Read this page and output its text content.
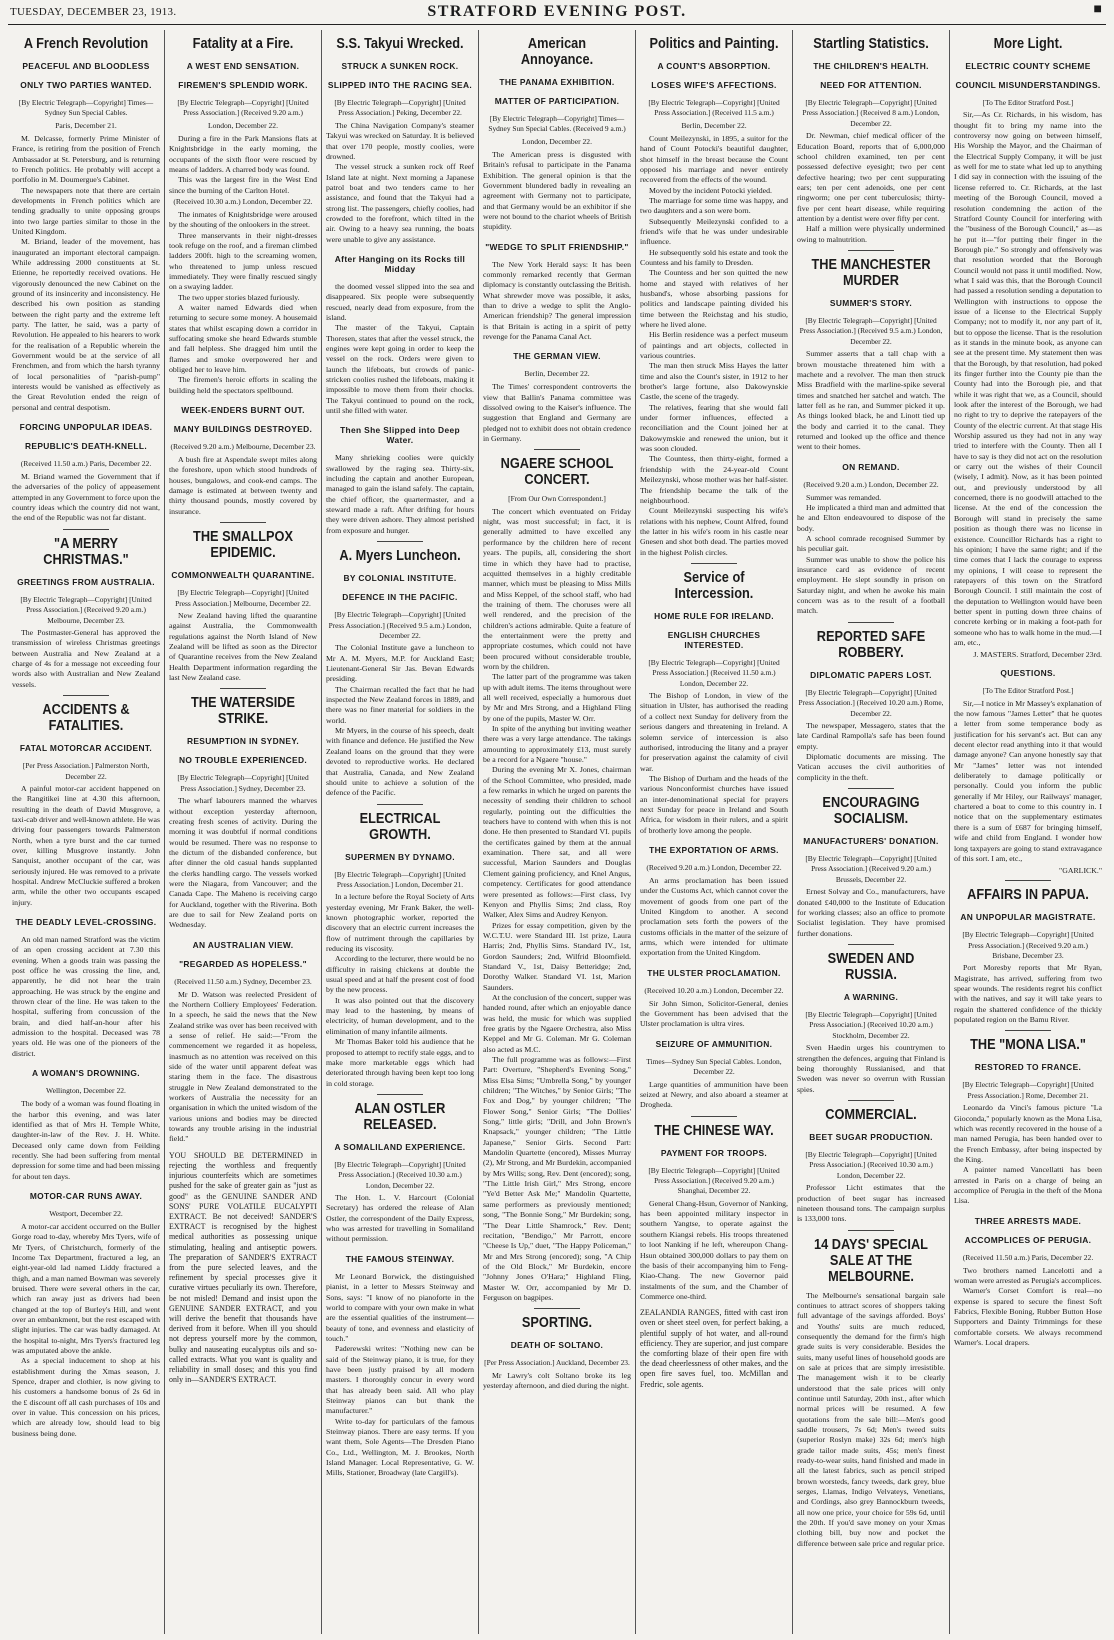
TUESDAY, DECEMBER 23, 1913.	STRATFORD EVENING POST.	■
A French Revolution
PEACEFUL AND BLOODLESS
ONLY TWO PARTIES WANTED.
[By Electric Telegraph—Copyright] Times—Sydney Sun Special Cables.
Paris, December 21.
M. Delcasse, formerly Prime Minister of France, is retiring from the position of French Ambassador at St. Petersburg, and is returning to French politics. He probably will accept a portfolio in M. Doumergue's Cabinet.
The newspapers note that there are certain developments in French politics which are tending gradually to unite opposing groups into two large parties similar to those in the United Kingdom.
M. Briand, leader of the movement, has inaugurated an important electoral campaign. While addressing 2000 constituents at St. Etienne, he reportedly received ovations. He vigorously denounced the new Cabinet on the ground of its insincerity and inconsistency. He described his own position as standing between the right party and the extreme left party. The latter, he said, was a party of Revolution. He appealed to his hearers to work for the realisation of a Republic wherein the Government would be at the service of all Frenchmen, and from which the harsh tyranny of local personalities of "parish-pump" interests would be vanished as effectively as the Great Revolution ended the reign of personal and central despotism.
FORCING UNPOPULAR IDEAS.
REPUBLIC'S DEATH-KNELL.
(Received 11.50 a.m.) Paris, December 22.
M. Briand warned the Government that if the adversaries of the policy of appeasement attempted in any Government to force upon the country ideas which the country did not want, the end of the Republic was not far distant.
"A MERRY CHRISTMAS."
GREETINGS FROM AUSTRALIA.
[By Electric Telegraph—Copyright] [United Press Association.] (Received 9.20 a.m.) Melbourne, December 23.
The Postmaster-General has approved the transmission of wireless Christmas greetings between Australia and New Zealand at a charge of 4s for a message not exceeding four words also with Australian and New Zealand vessels.
ACCIDENTS & FATALITIES.
FATAL MOTORCAR ACCIDENT.
[Per Press Association.] Palmerston North, December 22.
A painful motor-car accident happened on the Rangitikei line at 4.30 this afternoon, resulting in the death of David Musgrove, a taxi-cab driver and well-known athlete. He was driving four passengers towards Palmerston North, when a tyre burst and the car turned over, killing Musgrove instantly. John Sanquist, another occupant of the car, was seriously injured. He was removed to a private hospital. Andrew McCluckie suffered a broken arm, while the other two occupants escaped injury.
THE DEADLY LEVEL-CROSSING.
An old man named Stratford was the victim of an open crossing accident at 7.30 this evening. When a goods train was passing the post office he was crossing the line, and, apparently, he did not hear the train approaching. He was struck by the engine and thrown clear of the line. He was taken to the hospital, suffering from concussion of the brain, and died half-an-hour after his admission to the hospital. Deceased was 78 years old. He was one of the pioneers of the district.
A WOMAN'S DROWNING.
Wellington, December 22.
The body of a woman was found floating in the harbor this evening, and was later identified as that of Mrs H. Temple White, daughter-in-law of the Rev. J. H. White. Deceased only came down from Feilding recently. She had been suffering from mental depression for some time and had been missing for about ten days.
MOTOR-CAR RUNS AWAY.
Westport, December 22.
A motor-car accident occurred on the Buller Gorge road to-day, whereby Mrs Tyers, wife of Mr Tyers, of Christchurch, formerly of the Income Tax Department, fractured a leg, an eight-year-old lad named Liddy fractured a thigh, and a man named Bowman was severely bruised. There were several others in the car, which ran away just as drivers had been changed at the top of Burley's Hill, and went over an embankment, but the rest escaped with slight injuries. The car was badly damaged. At the hospital to-night, Mrs Tyers's fractured leg was amputated above the ankle.
As a special inducement to shop at his establishment during the Xmas season, J. Spence, draper and clothier, is now giving to his customers a handsome bonus of 2s 6d in the £ discount off all cash purchases of 10s and over in value. This concession on his prices, which are already low, should lead to big business being done.
Fatality at a Fire.
A WEST END SENSATION.
FIREMEN'S SPLENDID WORK.
[By Electric Telegraph—Copyright] [United Press Association.] (Received 9.20 a.m.)
London, December 22.
During a fire in the Park Mansions flats at Knightsbridge in the early morning, the occupants of the sixth floor were rescued by means of ladders. A charred body was found.
This was the largest fire in the West End since the burning of the Carlton Hotel.
(Received 10.30 a.m.) London, December 22.
The inmates of Knightsbridge were aroused by the shouting of the onlookers in the street.
Three manservants in their night-dresses took refuge on the roof, and a fireman climbed ladders 200ft. high to the screaming women, who threatened to jump unless rescued immediately. They were finally rescued singly on a swaying ladder.
The two upper stories blazed furiously.
A waiter named Edwards died when returning to secure some money. A housemaid states that whilst escaping down a corridor in suffocating smoke she heard Edwards stumble and fall helpless. She dragged him until the flames and smoke overpowered her and obliged her to leave him.
The firemen's heroic efforts in scaling the building held the spectators spellbound.
WEEK-ENDERS BURNT OUT.
MANY BUILDINGS DESTROYED.
(Received 9.20 a.m.) Melbourne, December 23.
A bush fire at Aspendale swept miles along the foreshore, upon which stood hundreds of houses, bungalows, and cook-end camps. The damage is estimated at between twenty and thirty thousand pounds, mostly covered by insurance.
THE SMALLPOX EPIDEMIC.
COMMONWEALTH QUARANTINE.
[By Electric Telegraph—Copyright] [United Press Association.] Melbourne, December 22.
New Zealand having lifted the quarantine against Australia, the Commonwealth regulations against the North Island of New Zealand will be lifted as soon as the Director of Quarantine receives from the New Zealand Health Department information regarding the last New Zealand case.
THE WATERSIDE STRIKE.
RESUMPTION IN SYDNEY.
NO TROUBLE EXPERIENCED.
[By Electric Telegraph—Copyright] [United Press Association.] Sydney, December 23.
The wharf labourers manned the wharves without exception yesterday afternoon, creating fresh scenes of activity. During the morning it was doubtful if normal conditions would be resumed. There was no response to the dictum of the disbanded conference, but after dinner the old casual hands supplanted the clerks handling cargo. The vessels worked were the Niagara, from Vancouver; and the Canada Cape. The Maheno is receiving cargo for Auckland, together with the Riverina. Both are due to sail for New Zealand ports on Wednesday.
AN AUSTRALIAN VIEW.
"REGARDED AS HOPELESS."
(Received 11.50 a.m.) Sydney, December 23.
Mr D. Watson was reelected President of the Northern Colliery Employees' Federation. In a speech, he said the news that the New Zealand strike was over has been received with a sense of relief. He said:—"From the commencement we regarded it as hopeless, inasmuch as no attention was received on this side of the water until apparent defeat was staring them in the face. The disastrous struggle in New Zealand demonstrated to the workers of Australia the necessity for an organisation in which the united wisdom of the various unions and bodies may be directed towards any trouble arising in the industrial field."
YOU SHOULD BE DETERMINED in rejecting the worthless and frequently injurious counterfeits which are sometimes pushed for the sake of greater gain as "just as good" as the GENUINE SANDER AND SONS' PURE VOLATILE EUCALYPTI EXTRACT. Be not deceived! SANDER'S EXTRACT is recognised by the highest medical authorities as possessing unique stimulating, healing and antiseptic powers. The preparation of SANDER'S EXTRACT from the pure selected leaves, and the refinement by special processes give it curative virtues peculiarly its own. Therefore, be not misled! Demand and insist upon the GENUINE SANDER EXTRACT, and you will derive the benefit that thousands have derived from it before. When ill you should not depress yourself more by the common, bulky and nauseating eucalyptus oils and so-called extracts. What you want is quality and reliability in small doses; and this you find only in—SANDER'S EXTRACT.
S.S. Takyui Wrecked.
STRUCK A SUNKEN ROCK.
SLIPPED INTO THE RACING SEA.
[By Electric Telegraph—Copyright] [United Press Association.] Peking, December 22.
The China Navigation Company's steamer Takyui was wrecked on Saturday. It is believed that over 170 people, mostly coolies, were drowned.
The vessel struck a sunken rock off Reef Island late at night. Next morning a Japanese patrol boat and two tenders came to her assistance, and found that the Takyui had a strong list. The passengers, chiefly coolies, had crowded to the forefront, which tilted in the air. Owing to a heavy sea running, the boats were unable to give any assistance.
After Hanging on its Rocks till Midday
the doomed vessel slipped into the sea and disappeared. Six people were subsequently rescued, nearly dead from exposure, from the island.
The master of the Takyui, Captain Thoresen, states that after the vessel struck, the engines were kept going in order to keep the vessel on the rock. Orders were given to launch the lifeboats, but crowds of panic-stricken coolies rushed the lifeboats, making it impossible to move them from their chocks. The Takyui continued to pound on the rock, until she filled with water.
Then She Slipped into Deep Water.
Many shrieking coolies were quickly swallowed by the raging sea. Thirty-six, including the captain and another European, managed to gain the island safely. The captain, the chief officer, the quartermaster, and a steward made a raft. After drifting for hours they were driven ashore. They almost perished from exposure and hunger.
A. Myers Luncheon.
BY COLONIAL INSTITUTE.
DEFENCE IN THE PACIFIC.
[By Electric Telegraph—Copyright] [United Press Association.] (Received 9.5 a.m.) London, December 22.
The Colonial Institute gave a luncheon to Mr A. M. Myers, M.P. for Auckland East; Lieutenant-General Sir Jas. Bevan Edwards presiding.
The Chairman recalled the fact that he had inspected the New Zealand forces in 1889, and there was no finer material for soldiers in the world.
Mr Myers, in the course of his speech, dealt with finance and defence. He justified the New Zealand loans on the ground that they were devoted to reproductive works. He declared that Australia, Canada, and New Zealand should unite to achieve a solution of the defence of the Pacific.
ELECTRICAL GROWTH.
SUPERMEN BY DYNAMO.
[By Electric Telegraph—Copyright] [United Press Association.] London, December 21.
In a lecture before the Royal Society of Arts yesterday evening, Mr Frank Baker, the well-known photographic worker, reported the discovery that an electric current increases the flow of nutriment through the capillaries by reducing its viscosity.
According to the lecturer, there would be no difficulty in raising chickens at double the usual speed and at half the present cost of food by the new process.
It was also pointed out that the discovery may lead to the hastening, by means of electricity, of human development, and to the elimination of many infantile ailments.
Mr Thomas Baker told his audience that he proposed to attempt to rectify stale eggs, and to make more marketable eggs which had deteriorated through having been kept too long in cold storage.
ALAN OSTLER RELEASED.
A SOMALILAND EXPERIENCE.
[By Electric Telegraph—Copyright] [United Press Association.] (Received 10.30 a.m.) London, December 22.
The Hon. L. V. Harcourt (Colonial Secretary) has ordered the release of Alan Ostler, the correspondent of the Daily Express, who was arrested for travelling in Somaliland without permission.
THE FAMOUS STEINWAY.
Mr Leonard Borwick, the distinguished pianist, in a letter to Messrs Steinway and Sons, says: "I know of no pianoforte in the world to compare with your own make in what are the essential qualities of the instrument—beauty of tone, and evenness and elasticity of touch."
Paderewski writes: "Nothing new can be said of the Steinway piano, it is true, for they have been justly praised by all modern masters. I thoroughly concur in every word that has already been said. All who play Steinway pianos can but thank the manufacturer."
Write to-day for particulars of the famous Steinway pianos. There are easy terms. If you want them, Sole Agents—The Dresden Piano Co., Ltd., Wellington, M. J. Brookes, North Island Manager. Local Representative, G. W. Mills, Stationer, Broadway (late Cargill's).
American Annoyance.
THE PANAMA EXHIBITION.
MATTER OF PARTICIPATION.
[By Electric Telegraph—Copyright] Times—Sydney Sun Special Cables. (Received 9 a.m.)
London, December 22.
The American press is disgusted with Britain's refusal to participate in the Panama Exhibition. The general opinion is that the Government blundered badly in revealing an agreement with Germany not to participate, and that Germany would be an exhibitor if she were not bound to the chariot wheels of British stupidity.
"WEDGE TO SPLIT FRIENDSHIP."
The New York Herald says: It has been commonly remarked recently that German diplomacy is constantly outclassing the British. What shrewder move was possible, it asks, than to drive a wedge to split the Anglo-American friendship? The general impression is that Britain is acting in a spirit of petty revenge for the Panama Canal Act.
THE GERMAN VIEW.
Berlin, December 22.
The Times' correspondent controverts the view that Ballin's Panama committee was dissolved owing to the Kaiser's influence. The suggestion that England and Germany are pledged not to exhibit does not obtain credence in Germany.
NGAERE SCHOOL CONCERT.
[From Our Own Correspondent.]
The concert which eventuated on Friday night, was most successful; in fact, it is generally admitted to have excelled any performance by the children here of recent years. The pupils, all, considering the short time in which they have had to practise, acquitted themselves in a highly creditable manner, which must be pleasing to Miss Mills and Miss Keppel, of the school staff, who had the training of them. The choruses were all well rendered, and the precision of the children's actions admirable. Quite a feature of the entertainment were the pretty and appropriate costumes, which could not have been procured without considerable trouble, worn by the children.
The latter part of the programme was taken up with adult items. The items throughout were all well received, especially a humorous duet by Mr and Mrs Strong, and a Highland Fling by one of the pupils, Master W. Orr.
In spite of the anything but inviting weather there was a very large attendance. The takings amounting to approximately £13, must surely be a record for a Ngaere "house."
During the evening Mr X. Jones, chairman of the School Committee, who presided, made a few remarks in which he urged on parents the necessity of sending their children to school regularly, pointing out the difficulties the teachers have to contend with when this is not done. He then presented to Standard VI. pupils the certificates gained by them at the annual examination. There sat, and all were successful, Marion Saunders and Douglas Clement gaining proficiency, and Knel Angus, competency. Certificates for good attendance were presented as follows:—First class, Ivy Kenyon and Phyllis Sims; 2nd class, Roy Walker, Alex Sims and Audrey Kenyon.
Prizes for essay competition, given by the W.C.T.U. were Standard III. 1st prize, Laura Harris; 2nd, Phyllis Sims. Standard IV., 1st, Gordon Saunders; 2nd, Wilfrid Bloomfield. Standard V., 1st, Daisy Betteridge; 2nd, Dorothy Walker. Standard VI. 1st, Marion Saunders.
At the conclusion of the concert, supper was handed round, after which an enjoyable dance was held, the music for which was supplied free gratis by the Ngaere Orchestra, also Miss Keppel and Mr G. Coleman. Mr G. Coleman also acted as M.C.
The full programme was as follows:—First Part: Overture, "Shepherd's Evening Song," Miss Elsa Sims; "Umbrella Song," by younger children; "The Witches," by Senior Girls; "The Fox and Dog," by younger children; "The Flower Song," Senior Girls; "The Dollies' Song," little girls; "Drill, and John Brown's Knapsack," younger children; "The Little Japanese," Senior Girls. Second Part: Mandolin Quartette (encored), Misses Murray (2), Mr Strong, and Mr Burdekin, accompanied by Mrs Wills; song, Rev. Dent (encored); song, "The Little Irish Girl," Mrs Strong, encore "Ye'd Better Ask Me;" Mandolin Quartette, same performers as previously mentioned; song, "The Bonnie Song," Mr Burdekin; song, "The Dear Little Shamrock," Rev. Dent; recitation, "Bendigo," Mr Parrott, encore "Cheese Is Up," duet, "The Happy Policeman," Mr and Mrs Strong (encored); song, "A Chip of the Old Block," Mr Burdekin, encore "Johnny Jones O'Hara;" Highland Fling, Master W. Orr, accompanied by Mr D. Ferguson on bagpipes.
SPORTING.
DEATH OF SOLTANO.
[Per Press Association.] Auckland, December 23.
Mr Lawry's colt Soltano broke its leg yesterday afternoon, and died during the night.
Politics and Painting.
A COUNT'S ABSORPTION.
LOSES WIFE'S AFFECTIONS.
[By Electric Telegraph—Copyright] [United Press Association.] (Received 11.5 a.m.)
Berlin, December 22.
Count Meilezynski, in 1895, a suitor for the hand of Count Potocki's beautiful daughter, shot himself in the breast because the Count opposed his marriage and never entirely recovered from the effects of the wound.
Moved by the incident Potocki yielded.
The marriage for some time was happy, and two daughters and a son were born.
Subsequently Meilezynski confided to a friend's wife that he was under undesirable influence.
He subsequently sold his estate and took the Countess and his family to Dresden.
The Countess and her son quitted the new home and stayed with relatives of her husband's, whose absorbing passions for politics and landscape painting divided his time between the Reichstag and his studio, where he lived alone.
His Berlin residence was a perfect museum of paintings and art objects, collected in various countries.
The man then struck Miss Hayes the latter time and also the Count's sister, in 1912 to her brother's large fortune, also Dakowynskie Castle, the scene of the tragedy.
The relatives, fearing that she would fall under former influences, effected a reconciliation and the Count joined her at Dakowymskie and renewed the union, but it was soon clouded.
The Countess, then thirty-eight, formed a friendship with the 24-year-old Count Meilezynski, whose mother was her half-sister. The friendship became the talk of the neighbourhood.
Count Meilezynski suspecting his wife's relations with his nephew, Count Alfred, found the latter in his wife's room in his castle near Gnesen and shot both dead. The parties moved in the highest Polish circles.
Service of Intercession.
HOME RULE FOR IRELAND.
ENGLISH CHURCHES INTERESTED.
[By Electric Telegraph—Copyright] [United Press Association.] (Received 11.50 a.m.) London, December 22.
The Bishop of London, in view of the situation in Ulster, has authorised the reading of a collect next Sunday for delivery from the serious dangers and threatening in Ireland. A solemn service of intercession is also authorised, introducing the litany and a prayer for preservation against the calamity of civil war.
The Bishop of Durham and the heads of the various Nonconformist churches have issued an inter-denominational special for prayers next Sunday for peace in Ireland and South Africa, for wisdom in their rulers, and a spirit of brotherly love among the people.
THE EXPORTATION OF ARMS.
(Received 9.20 a.m.) London, December 22.
An arms proclamation has been issued under the Customs Act, which cannot cover the movement of goods from one part of the United Kingdom to another. A second proclamation sets forth the powers of the customs officials in the matter of the seizure of arms, which were intended for ultimate exportation from the United Kingdom.
THE ULSTER PROCLAMATION.
(Received 10.20 a.m.) London, December 22.
Sir John Simon, Solicitor-General, denies the Government has been advised that the Ulster proclamation is ultra vires.
SEIZURE OF AMMUNITION.
Times—Sydney Sun Special Cables. London, December 22.
Large quantities of ammunition have been seized at Newry, and also aboard a steamer at Drogheda.
THE CHINESE WAY.
PAYMENT FOR TROOPS.
[By Electric Telegraph—Copyright] [United Press Association.] (Received 9.20 a.m.) Shanghai, December 22.
General Chang-Hsun, Governor of Nanking, has been appointed military inspector in southern Yangtse, to operate against the southern Kiangsi rebels. His troops threatened to loot Nanking if he left, whereupon Chang-Hsun obtained 300,000 dollars to pay them on the basis of their accompanying him to Feng-Kiao-Chang. The new Governor paid instalments of the sum, and the Chamber of Commerce one-third.
ZEALANDIA RANGES, fitted with cast iron oven or sheet steel oven, for perfect baking, a plentiful supply of hot water, and all-round efficiency. They are superior, and just compare the comforting blaze of their open fire with the dead cheerlessness of other makes, and the open fire saves fuel, too. McMillan and Fredric, sole agents.
Startling Statistics.
THE CHILDREN'S HEALTH.
NEED FOR ATTENTION.
[By Electric Telegraph—Copyright] [United Press Association.] (Received 8 a.m.) London, December 22.
Dr. Newman, chief medical officer of the Education Board, reports that of 6,000,000 school children examined, ten per cent possessed defective eyesight; two per cent defective hearing; two per cent suppurating ears; ten per cent adenoids, one per cent ringworm; one per cent tuberculosis; thirty-five per cent heart disease, while requiring attention by a dentist were over fifty per cent.
Half a million were physically undermined owing to malnutrition.
THE MANCHESTER MURDER
SUMMER'S STORY.
[By Electric Telegraph—Copyright] [United Press Association.] (Received 9.5 a.m.) London, December 22.
Summer asserts that a tall chap with a brown moustache threatened him with a machete and a revolver. The man then struck Miss Bradfield with the marline-spike several times and snatched her satchel and watch. The latter fell as he ran, and Summer picked it up. As things looked black, he and Linott tied up the body and carried it to the canal. They returned and looked up the office and thence went to their homes.
ON REMAND.
(Received 9.20 a.m.) London, December 22.
Summer was remanded.
He implicated a third man and admitted that he and Elton endeavoured to dispose of the body.
A school comrade recognised Summer by his peculiar gait.
Summer was unable to show the police his insurance card as evidence of recent employment. He slept soundly in prison on Saturday night, and when he awoke his main concern was as to the result of a football match.
REPORTED SAFE ROBBERY.
DIPLOMATIC PAPERS LOST.
[By Electric Telegraph—Copyright] [United Press Association.] (Received 10.20 a.m.) Rome, December 22.
The newspaper, Messagero, states that the late Cardinal Rampolla's safe has been found empty.
Diplomatic documents are missing. The Vatican accuses the civil authorities of complicity in the theft.
ENCOURAGING SOCIALISM.
MANUFACTURERS' DONATION.
[By Electric Telegraph—Copyright] [United Press Association.] (Received 9.20 a.m.) Brussels, December 22.
Ernest Solvay and Co., manufacturers, have donated £40,000 to the Institute of Education for working classes; also an office to promote Socialist legislation. They have promised further donations.
SWEDEN AND RUSSIA.
A WARNING.
[By Electric Telegraph—Copyright] [United Press Association.] (Received 10.20 a.m.) Stockholm, December 22.
Sven Haedin urges his countrymen to strengthen the defences, arguing that Finland is being thoroughly Russianised, and that Sweden was never so overrun with Russian spies.
COMMERCIAL.
BEET SUGAR PRODUCTION.
[By Electric Telegraph—Copyright] [United Press Association.] (Received 10.30 a.m.) London, December 22.
Professor Licht estimates that the production of beet sugar has increased nineteen thousand tons. The campaign surplus is 133,000 tons.
14 DAYS' SPECIAL SALE AT THE MELBOURNE.
The Melbourne's sensational bargain sale continues to attract scores of shoppers taking full advantage of the savings afforded. Boys' and Youths' suits are much reduced, consequently the demand for the firm's high grade suits is very considerable. Besides the suits, many useful lines of household goods are on sale at prices that are simply irresistible. The management wish it to be clearly understood that the sale prices will only continue until Saturday, 20th inst., after which normal prices will be resumed. A few quotations from the sale bill:—Men's good saddle trousers, 7s 6d; Men's tweed suits (superior Roslyn make) 32s 6d; men's high grade tailor made suits, 45s; men's finest ready-to-wear suits, hand finished and made in all the latest fabrics, such as pencil striped brown worsteds, fancy tweeds, dark grey, blue serges, Llamas, Indigo Velvateys, Venetians, and Cordings, also grey Bannockburn tweeds, all now one price, your choice for 59s 6d, until the 20th. If you'd save money on your Xmas clothing bill, buy now and pocket the difference between sale price and regular price.
More Light.
ELECTRIC COUNTY SCHEME
COUNCIL MISUNDERSTANDINGS.
[To The Editor Stratford Post.]
Sir,—As Cr. Richards, in his wisdom, has thought fit to bring my name into the controversy now going on between himself, His Worship the Mayor, and the Chairman of the Electrical Supply Company, it will be just as well for me to state what led up to anything I did say in connection with the issuing of the license referred to. Cr. Richards, at the last meeting of the Borough Council, moved a resolution condemning the action of the Stratford County Council for interfering with the "business of the Borough Council," as—as he put it—"for putting their finger in the Borough pie." So strongly and offensively was that resolution worded that the Borough Council would not pass it until modified. Now, what I said was this, that the Borough Council had passed a resolution sending a deputation to Wellington with instructions to oppose the issue of a license to the Electrical Supply Company; not to modify it, nor any part of it, but to oppose the license. That is the resolution as it stands in the minute book, as anyone can see at the present time. My statement then was that the Borough, by that resolution, had poked its finger further into the County pie than the County had into the Borough pie, and that while it was right that we, as a Council, should look after the interest of the Borough, we had no right to try to deprive the ratepayers of the County of the electric current. At that stage His Worship assured us they had not in any way tried to interfere with the County. Then all I have to say is they did not act on the resolution or carry out the wishes of their Council (wisely, I admit). Now, as it has been pointed out, and previously understood by all concerned, there is no goodwill attached to the license. At the end of the concession the Borough will stand in precisely the same position as though there was no license in existence. Councillor Richards has a right to his opinion; I have the same right; and if the time comes that I lack the courage to express my opinions, I will cease to represent the ratepayers of this town on the Stratford Borough Council. I still maintain the cost of the deputation to Wellington would have been better spent in putting down three chains of concrete kerbing or in making a foot-path for someone who has to walk home in the mud.—I am, etc.,
J. MASTERS. Stratford, December 23rd.
QUESTIONS.
[To The Editor Stratford Post.]
Sir,—I notice in Mr Massey's explanation of the now famous "James Letter" that he quotes a letter from some temperance body as justification for his servant's act. But can any decent elector read anything into it that would damage anyone? Can anyone honestly say that Mr "James" letter was not intended deliberately to damage politically or personally. Could you inform the public generally if Mr Hiley, our Railways' manager, chartered a boat to come to this country in. I notice that on the supplementary estimates there is a sum of £687 for bringing himself, wife and child from England. I wonder how long taxpayers are going to stand extravagance of this sort. I am, etc.,
"GARLICK."
AFFAIRS IN PAPUA.
AN UNPOPULAR MAGISTRATE.
[By Electric Telegraph—Copyright] [United Press Association.] (Received 9.20 a.m.) Brisbane, December 23.
Port Moresby reports that Mr Ryan, Magistrate, has arrived, suffering from two spear wounds. The residents regret his conflict with the natives, and say it will take years to regain the shattered confidence of the thickly populated region on the Bamu River.
THE "MONA LISA."
RESTORED TO FRANCE.
[By Electric Telegraph—Copyright] [United Press Association.] Rome, December 21.
Leonardo da Vinci's famous picture "La Gioconda," popularly known as the Mona Lisa, which was recently recovered in the house of a man named Perugia, has been handed over to the French Embassy, after being inspected by the King.
A painter named Vancellatti has been arrested in Paris on a charge of being an accomplice of Perugia in the theft of the Mona Lisa.
THREE ARRESTS MADE.
ACCOMPLICES OF PERUGIA.
(Received 11.50 a.m.) Paris, December 22.
Two brothers named Lancelotti and a woman were arrested as Perugia's accomplices.
Warner's Corset Comfort is real—no expense is spared to secure the finest Soft Fabrics, Flexible Boning, Rubber Button Hose Supporters and Dainty Trimmings for these comfortable corsets. We always recommend Warner's. Local drapers.
